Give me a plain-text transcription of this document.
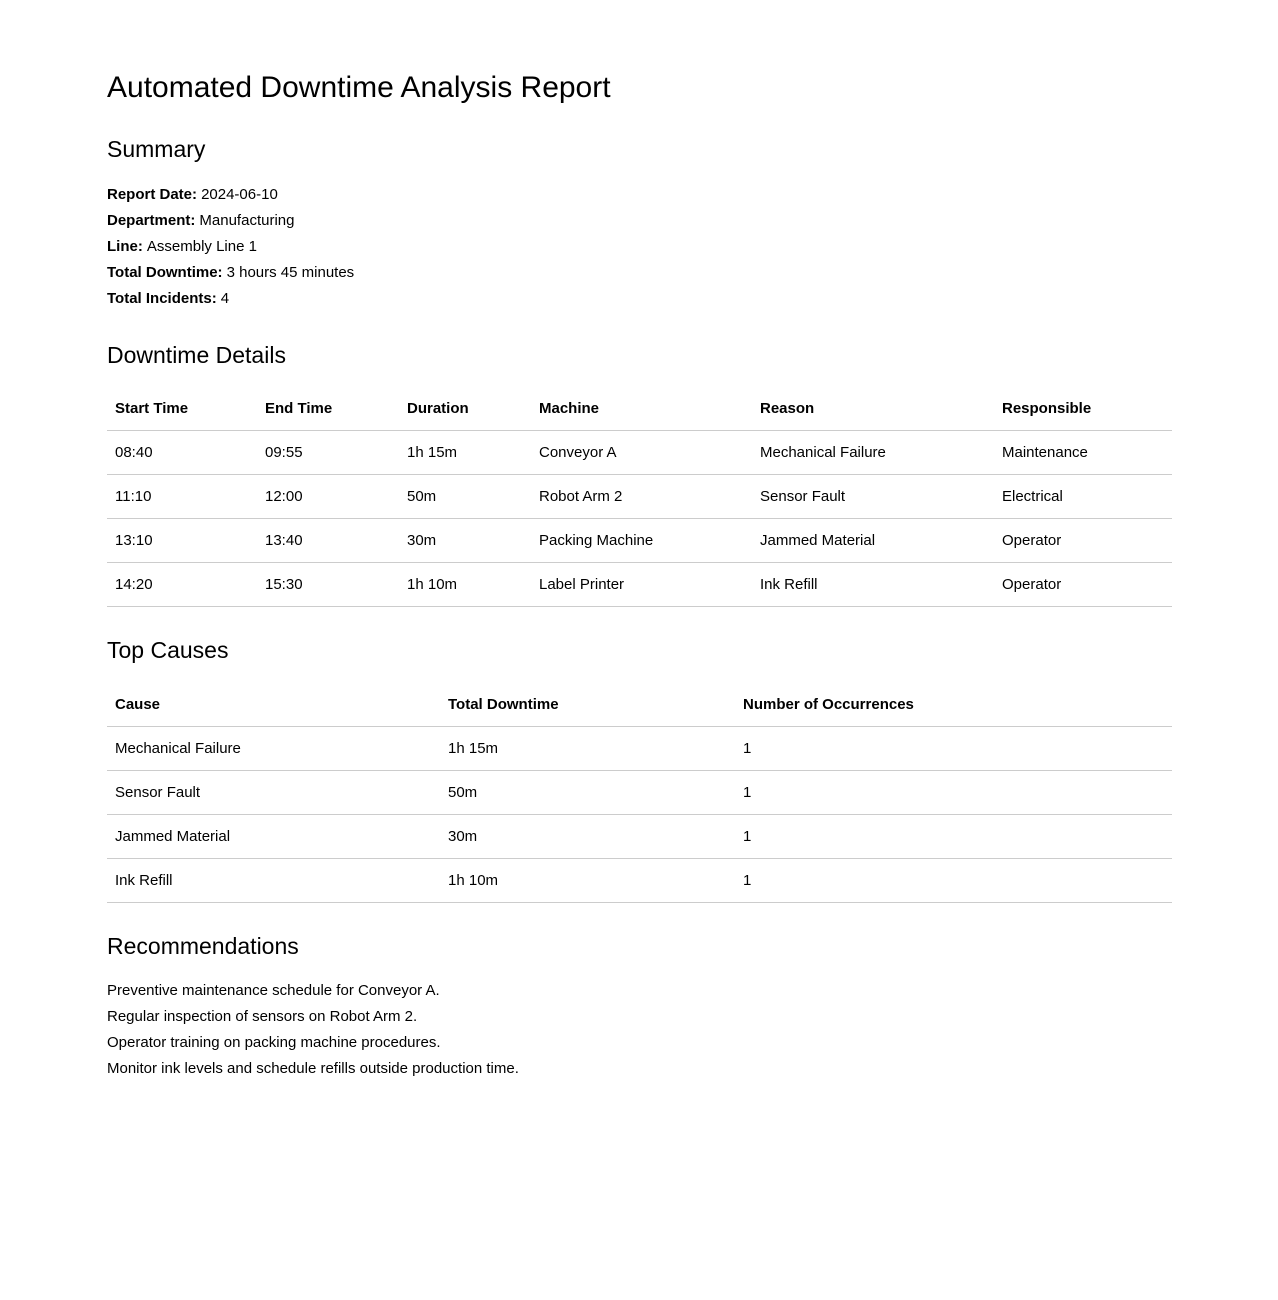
Automated Downtime Analysis Report
Summary

Report Date: 2024-06-10

Department: Manufacturing

Line: Assembly Line 1

Total Downtime: 3 hours 45 minutes

Total Incidents: 4

Downtime Details
Start Time	End Time	Duration	Machine	Reason	Responsible
08:40	09:55	1h 15m	Conveyor A	Mechanical Failure	Maintenance
11:10	12:00	50m	Robot Arm 2	Sensor Fault	Electrical
13:10	13:40	30m	Packing Machine	Jammed Material	Operator
14:20	15:30	1h 10m	Label Printer	Ink Refill	Operator
Top Causes
Cause	Total Downtime	Number of Occurrences
Mechanical Failure	1h 15m	1
Sensor Fault	50m	1
Jammed Material	30m	1
Ink Refill	1h 10m	1
Recommendations

Preventive maintenance schedule for Conveyor A.

Regular inspection of sensors on Robot Arm 2.

Operator training on packing machine procedures.

Monitor ink levels and schedule refills outside production time.
